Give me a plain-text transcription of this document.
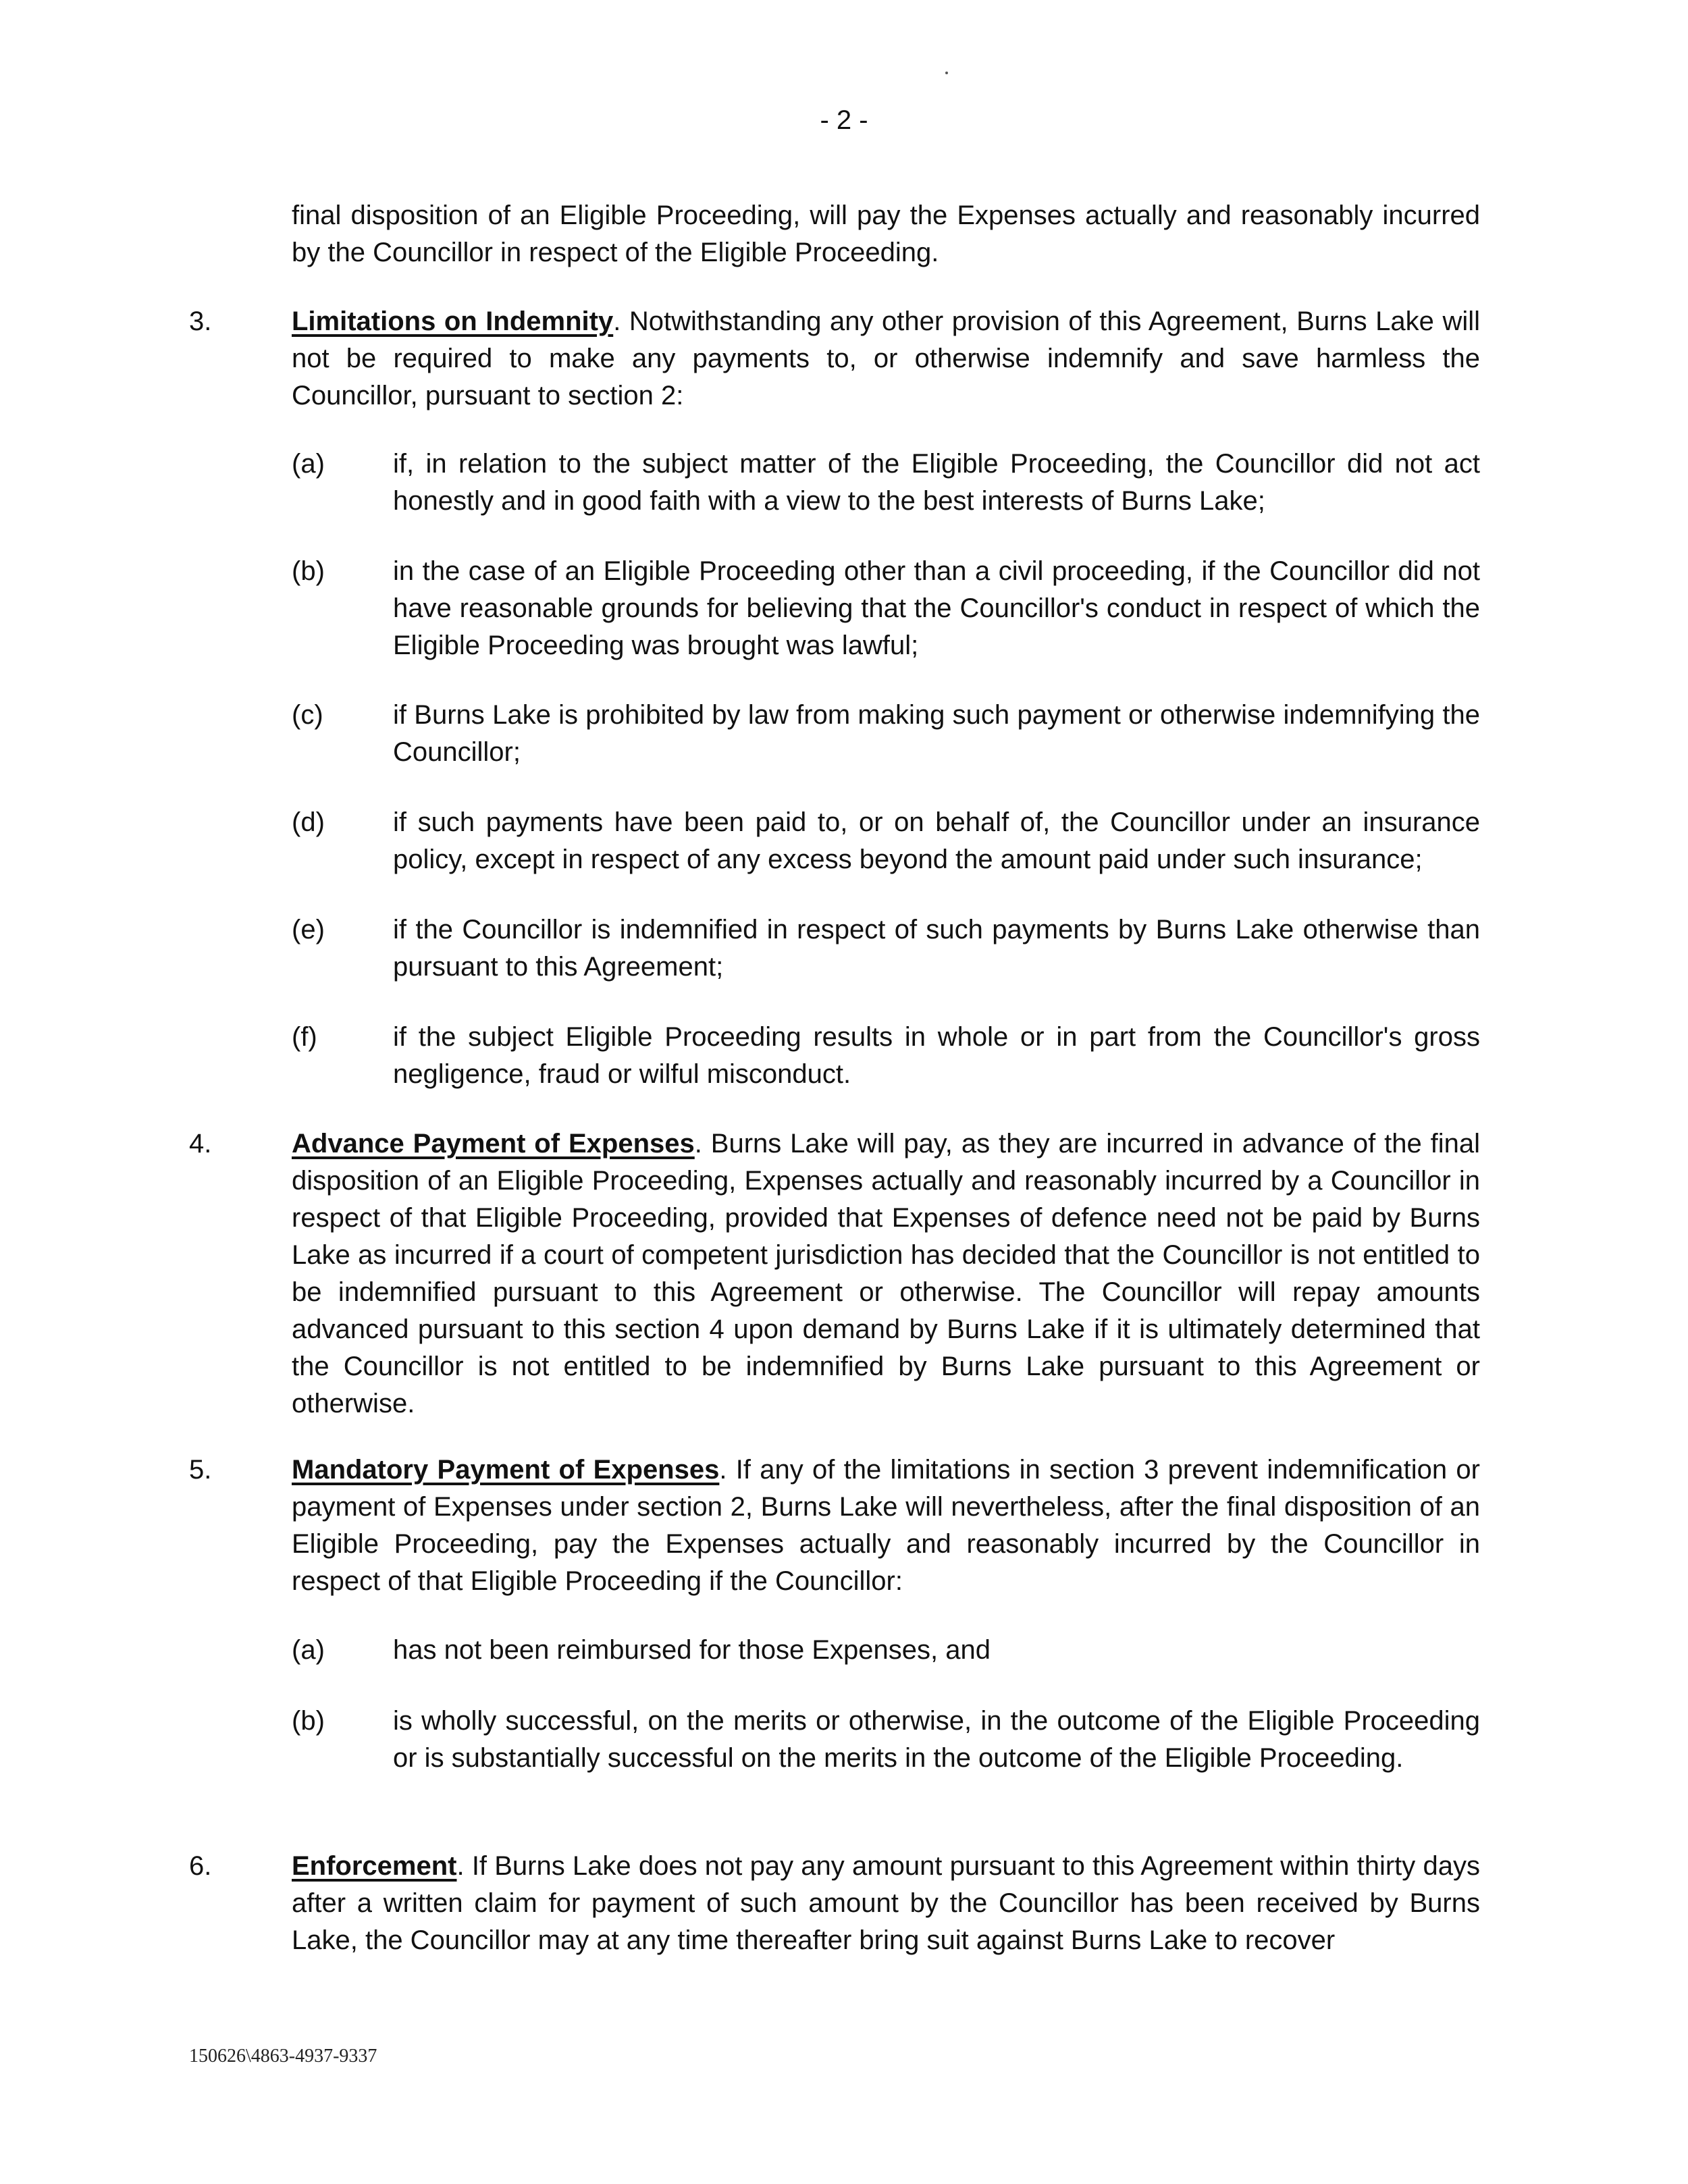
- 2 -

final disposition of an Eligible Proceeding, will pay the Expenses actually and reasonably incurred by the Councillor in respect of the Eligible Proceeding.

3.	Limitations on Indemnity. Notwithstanding any other provision of this Agreement, Burns Lake will not be required to make any payments to, or otherwise indemnify and save harmless the Councillor, pursuant to section 2:

(a)	if, in relation to the subject matter of the Eligible Proceeding, the Councillor did not act honestly and in good faith with a view to the best interests of Burns Lake;

(b)	in the case of an Eligible Proceeding other than a civil proceeding, if the Councillor did not have reasonable grounds for believing that the Councillor's conduct in respect of which the Eligible Proceeding was brought was lawful;

(c)	if Burns Lake is prohibited by law from making such payment or otherwise indemnifying the Councillor;

(d)	if such payments have been paid to, or on behalf of, the Councillor under an insurance policy, except in respect of any excess beyond the amount paid under such insurance;

(e)	if the Councillor is indemnified in respect of such payments by Burns Lake otherwise than pursuant to this Agreement;

(f)	if the subject Eligible Proceeding results in whole or in part from the Councillor's gross negligence, fraud or wilful misconduct.

4.	Advance Payment of Expenses. Burns Lake will pay, as they are incurred in advance of the final disposition of an Eligible Proceeding, Expenses actually and reasonably incurred by a Councillor in respect of that Eligible Proceeding, provided that Expenses of defence need not be paid by Burns Lake as incurred if a court of competent jurisdiction has decided that the Councillor is not entitled to be indemnified pursuant to this Agreement or otherwise. The Councillor will repay amounts advanced pursuant to this section 4 upon demand by Burns Lake if it is ultimately determined that the Councillor is not entitled to be indemnified by Burns Lake pursuant to this Agreement or otherwise.

5.	Mandatory Payment of Expenses. If any of the limitations in section 3 prevent indemnification or payment of Expenses under section 2, Burns Lake will nevertheless, after the final disposition of an Eligible Proceeding, pay the Expenses actually and reasonably incurred by the Councillor in respect of that Eligible Proceeding if the Councillor:

(a)	has not been reimbursed for those Expenses, and

(b)	is wholly successful, on the merits or otherwise, in the outcome of the Eligible Proceeding or is substantially successful on the merits in the outcome of the Eligible Proceeding.

6.	Enforcement. If Burns Lake does not pay any amount pursuant to this Agreement within thirty days after a written claim for payment of such amount by the Councillor has been received by Burns Lake, the Councillor may at any time thereafter bring suit against Burns Lake to recover

150626\4863-4937-9337
